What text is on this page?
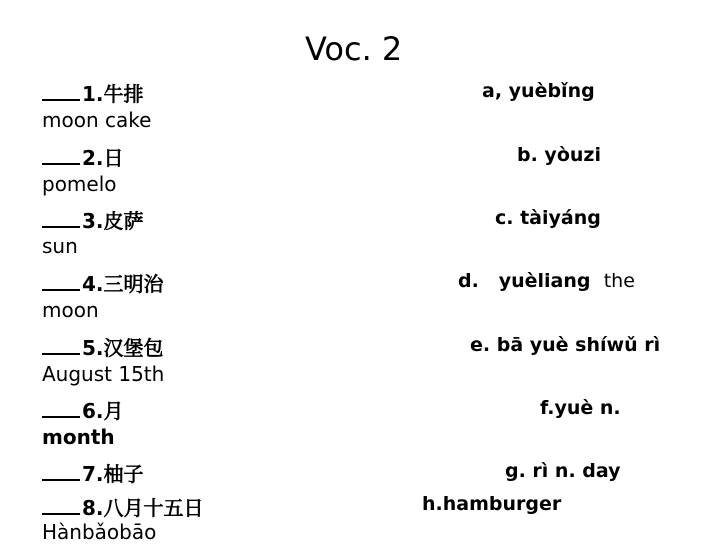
Voc. 2
1.牛排
moon cake
2.日
pomelo
3.皮萨
sun
4.三明治
moon
5.汉堡包
August 15th
6.月
month
7.柚子
8.八月十五日
Hànbǎobāo
a, yuèbǐng
b. yòuzi
c. tàiyáng
d. yuèliang the
e. bā yuè shíwǔ rì
f.yuè n.
g. rì n. day
h.hamburger
